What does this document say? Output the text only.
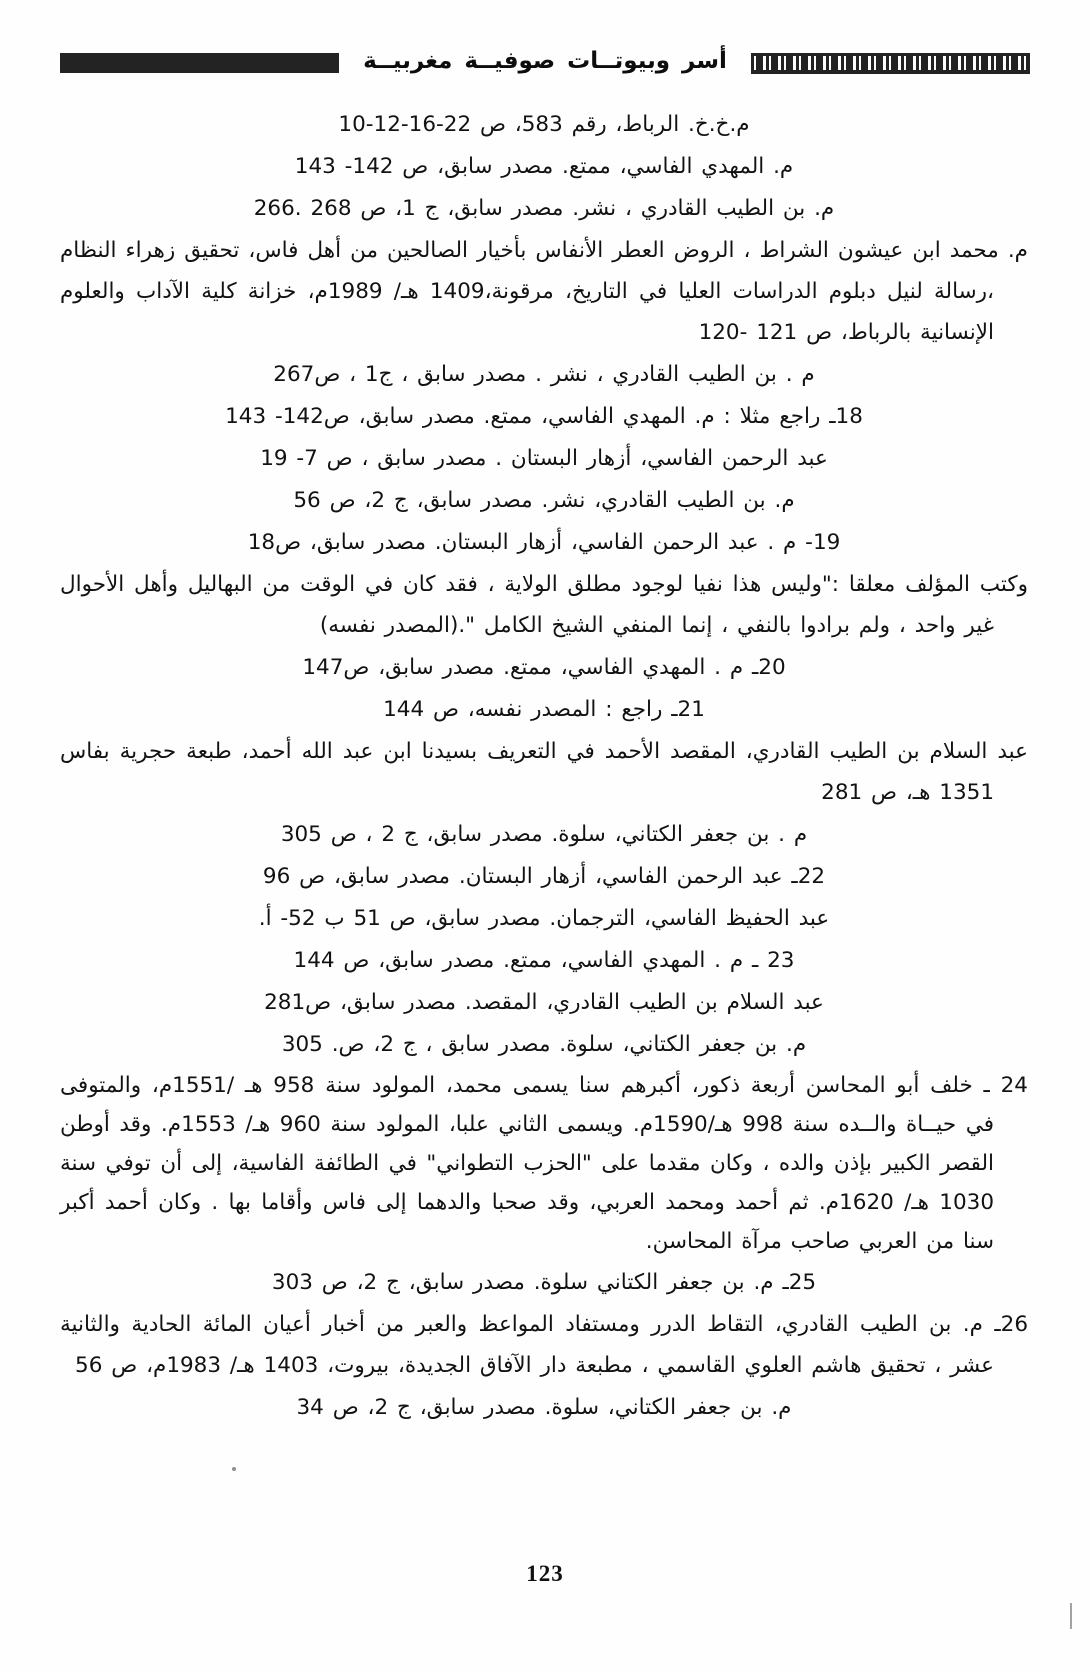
أسر وبيوتــات صوفيــة مغربيــة

م.خ.خ. الرباط، رقم 583، ص 22-16-12-10

م. المهدي الفاسي، ممتع. مصدر سابق، ص 142- 143

م. بن الطيب القادري ، نشر. مصدر سابق، ج 1، ص 268 .266

م. محمد ابن عيشون الشراط ، الروض العطر الأنفاس بأخيار الصالحين من أهل فاس، تحقيق زهراء النظام ،رسالة لنيل دبلوم الدراسات العليا في التاريخ، مرقونة،1409 هـ/ 1989م، خزانة كلية الآداب والعلوم الإنسانية بالرباط، ص 121 -120

م . بن الطيب القادري ، نشر . مصدر سابق ، ج1 ، ص267

18ـ راجع مثلا : م. المهدي الفاسي، ممتع. مصدر سابق، ص142- 143

عبد الرحمن الفاسي، أزهار البستان . مصدر سابق ، ص 7- 19

م. بن الطيب القادري، نشر. مصدر سابق، ج 2، ص 56

19- م . عبد الرحمن الفاسي، أزهار البستان. مصدر سابق، ص18

وكتب المؤلف معلقا :"وليس هذا نفيا لوجود مطلق الولاية ، فقد كان في الوقت من البهاليل وأهل الأحوال غير واحد ، ولم برادوا بالنفي ، إنما المنفي الشيخ الكامل ".(المصدر نفسه)

20ـ م . المهدي الفاسي، ممتع. مصدر سابق، ص147

21ـ راجع : المصدر نفسه، ص 144

عبد السلام بن الطيب القادري، المقصد الأحمد في التعريف بسيدنا ابن عبد الله أحمد، طبعة حجرية بفاس 1351 هـ، ص 281

م . بن جعفر الكتاني، سلوة. مصدر سابق، ج 2 ، ص 305

22ـ عبد الرحمن الفاسي، أزهار البستان. مصدر سابق، ص 96

عبد الحفيظ الفاسي، الترجمان. مصدر سابق، ص 51 ب 52- أ.

23 ـ م . المهدي الفاسي، ممتع. مصدر سابق، ص 144

عبد السلام بن الطيب القادري، المقصد. مصدر سابق، ص281

م. بن جعفر الكتاني، سلوة. مصدر سابق ، ج 2، ص. 305

24 ـ خلف أبو المحاسن أربعة ذكور، أكبرهم سنا يسمى محمد، المولود سنة 958 هـ /1551م، والمتوفى في حيــاة والــده سنة 998 هـ/1590م. ويسمى الثاني علبا، المولود سنة 960 هـ/ 1553م. وقد أوطن القصر الكبير بإذن والده ، وكان مقدما على "الحزب التطواني" في الطائفة الفاسية، إلى أن توفي سنة 1030 هـ/ 1620م. ثم أحمد ومحمد العربي، وقد صحبا والدهما إلى فاس وأقاما بها . وكان أحمد أكبر سنا من العربي صاحب مرآة المحاسن.

25ـ م. بن جعفر الكتاني سلوة. مصدر سابق، ج 2، ص 303

26ـ م. بن الطيب القادري، التقاط الدرر ومستفاد المواعظ والعبر من أخبار أعيان المائة الحادية والثانية عشر ، تحقيق هاشم العلوي القاسمي ، مطبعة دار الآفاق الجديدة، بيروت، 1403 هـ/ 1983م، ص 56

م. بن جعفر الكتاني، سلوة. مصدر سابق، ج 2، ص 34

123
